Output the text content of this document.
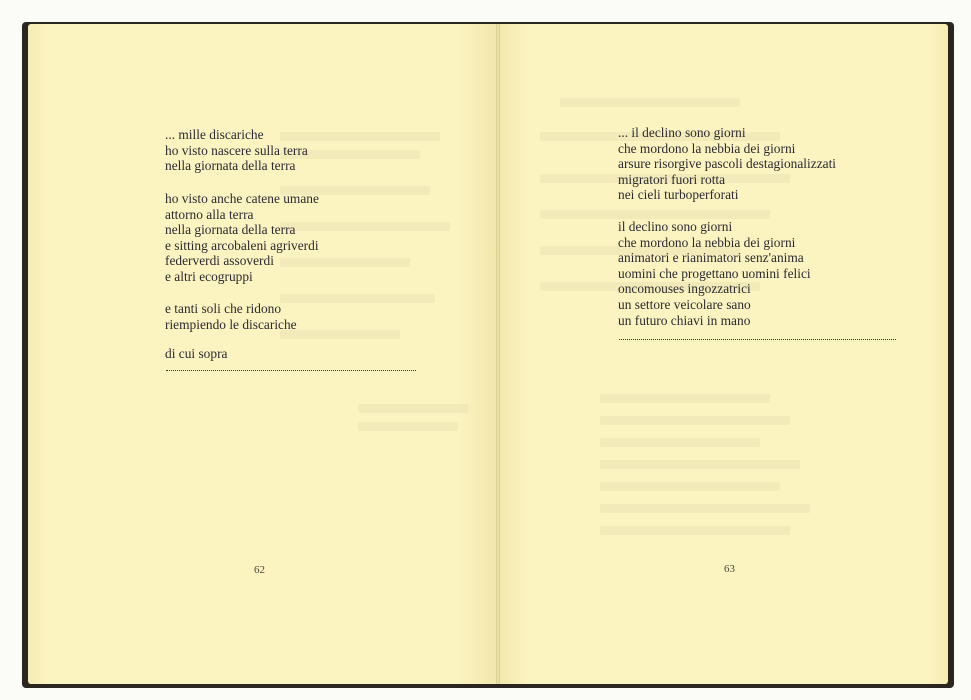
... mille discariche
ho visto nascere sulla terra
nella giornata della terra
ho visto anche catene umane
attorno alla terra
nella giornata della terra
e sitting arcobaleni agriverdi
federverdi assoverdi
e altri ecogruppi
e tanti soli che ridono
riempiendo le discariche
di cui sopra
62
... il declino sono giorni
che mordono la nebbia dei giorni
arsure risorgive pascoli destagionalizzati
migratori fuori rotta
nei cieli turboperforati
il declino sono giorni
che mordono la nebbia dei giorni
animatori e rianimatori senz'anima
uomini che progettano uomini felici
oncomouses ingozzatrici
un settore veicolare sano
un futuro chiavi in mano
63
